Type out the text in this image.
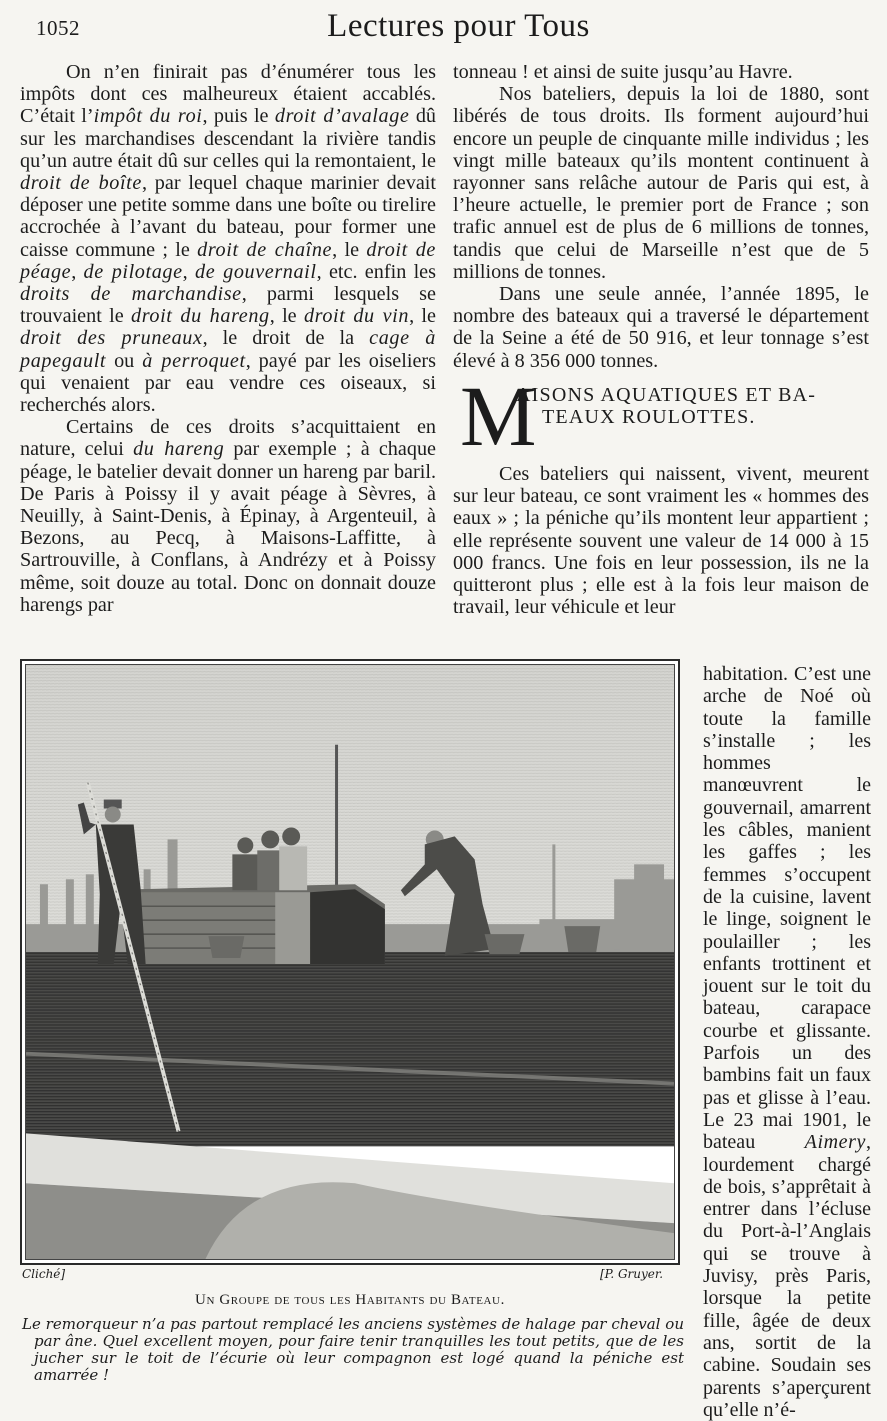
1052	Lectures pour Tous

On n’en finirait pas d’énumérer tous les impôts dont ces malheureux étaient accablés. C’était l’impôt du roi, puis le droit d’avalage dû sur les marchandises descendant la rivière tandis qu’un autre était dû sur celles qui la remontaient, le droit de boîte, par lequel chaque marinier devait déposer une petite somme dans une boîte ou tirelire accrochée à l’avant du bateau, pour former une caisse commune ; le droit de chaîne, le droit de péage, de pilotage, de gouvernail, etc. enfin les droits de marchandise, parmi lesquels se trouvaient le droit du hareng, le droit du vin, le droit des pruneaux, le droit de la cage à papegault ou à perroquet, payé par les oiseliers qui venaient par eau vendre ces oiseaux, si recherchés alors.

Certains de ces droits s’acquittaient en nature, celui du hareng par exemple ; à chaque péage, le batelier devait donner un hareng par baril. De Paris à Poissy il y avait péage à Sèvres, à Neuilly, à Saint-Denis, à Épinay, à Argenteuil, à Bezons, au Pecq, à Maisons-Laffitte, à Sartrouville, à Conflans, à Andrézy et à Poissy même, soit douze au total. Donc on donnait douze harengs par

tonneau ! et ainsi de suite jusqu’au Havre.

Nos bateliers, depuis la loi de 1880, sont libérés de tous droits. Ils forment aujourd’hui encore un peuple de cinquante mille individus ; les vingt mille bateaux qu’ils montent continuent à rayonner sans relâche autour de Paris qui est, à l’heure actuelle, le premier port de France ; son trafic annuel est de plus de 6 millions de tonnes, tandis que celui de Marseille n’est que de 5 millions de tonnes.

Dans une seule année, l’année 1895, le nombre des bateaux qui a traversé le département de la Seine a été de 50 916, et leur tonnage s’est élevé à 8 356 000 tonnes.

M
AISONS AQUATIQUES ET BA-
TEAUX ROULOTTES.

Ces bateliers qui naissent, vivent, meurent sur leur bateau, ce sont vraiment les « hommes des eaux » ; la péniche qu’ils montent leur appartient ; elle représente souvent une valeur de 14 000 à 15 000 francs. Une fois en leur possession, ils ne la quitteront plus ; elle est à la fois leur maison de travail, leur véhicule et leur

habitation. C’est une arche de Noé où toute la famille s’installe ; les hommes manœuvrent le gouvernail, amarrent les câbles, manient les gaffes ; les femmes s’occupent de la cuisine, lavent le linge, soignent le poulailler ; les enfants trottinent et jouent sur le toit du bateau, carapace courbe et glissante. Parfois un des bambins fait un faux pas et glisse à l’eau. Le 23 mai 1901, le bateau Aimery, lourdement chargé de bois, s’apprêtait à entrer dans l’écluse du Port-à-l’Anglais qui se trouve à Juvisy, près Paris, lorsque la petite fille, âgée de deux ans, sortit de la cabine. Soudain ses parents s’aperçurent qu’elle n’é-

Cliché]	[P. Gruyer.
Un Groupe de tous les Habitants du Bateau.

Le remorqueur n’a pas partout remplacé les anciens systèmes de halage par cheval ou par âne. Quel excellent moyen, pour faire tenir tranquilles les tout petits, que de les jucher sur le toit de l’écurie où leur compagnon est logé quand la péniche est amarrée !
